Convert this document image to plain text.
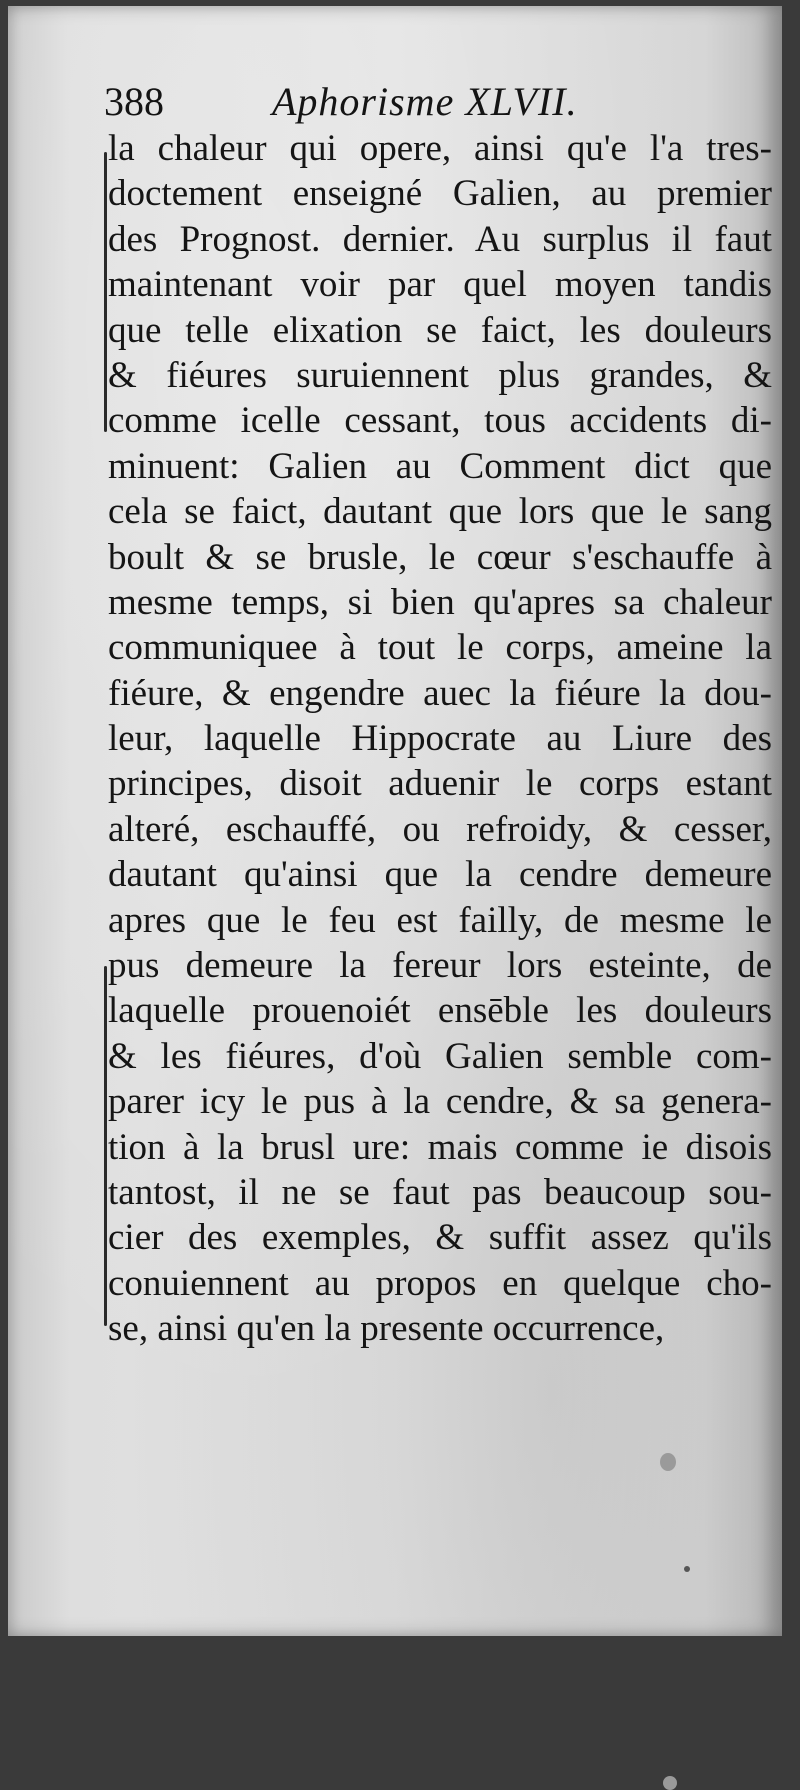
388	Aphorisme XLVII.
la chaleur qui opere, ainsi qu'e l'a tres-
doctement enseigné Galien, au premier
des Prognost. dernier. Au surplus il faut
maintenant voir par quel moyen tandis
que telle elixation se faict, les douleurs
& fiéures suruiennent plus grandes, &
comme icelle cessant, tous accidents di-
minuent: Galien au Comment dict que
cela se faict, dautant que lors que le sang
boult & se brusle, le cœur s'eschauffe à
mesme temps, si bien qu'apres sa chaleur
communiquee à tout le corps, ameine la
fiéure, & engendre auec la fiéure la dou-
leur, laquelle Hippocrate au Liure des
principes, disoit aduenir le corps estant
alteré, eschauffé, ou refroidy, & cesser,
dautant qu'ainsi que la cendre demeure
apres que le feu est failly, de mesme le
pus demeure la fereur lors esteinte, de
laquelle prouenoiét ensēble les douleurs
& les fiéures, d'où Galien semble com-
parer icy le pus à la cendre, & sa genera-
tion à la brusl ure: mais comme ie disois
tantost, il ne se faut pas beaucoup sou-
cier des exemples, & suffit assez qu'ils
conuiennent au propos en quelque cho-
se, ainsi qu'en la presente occurrence,
